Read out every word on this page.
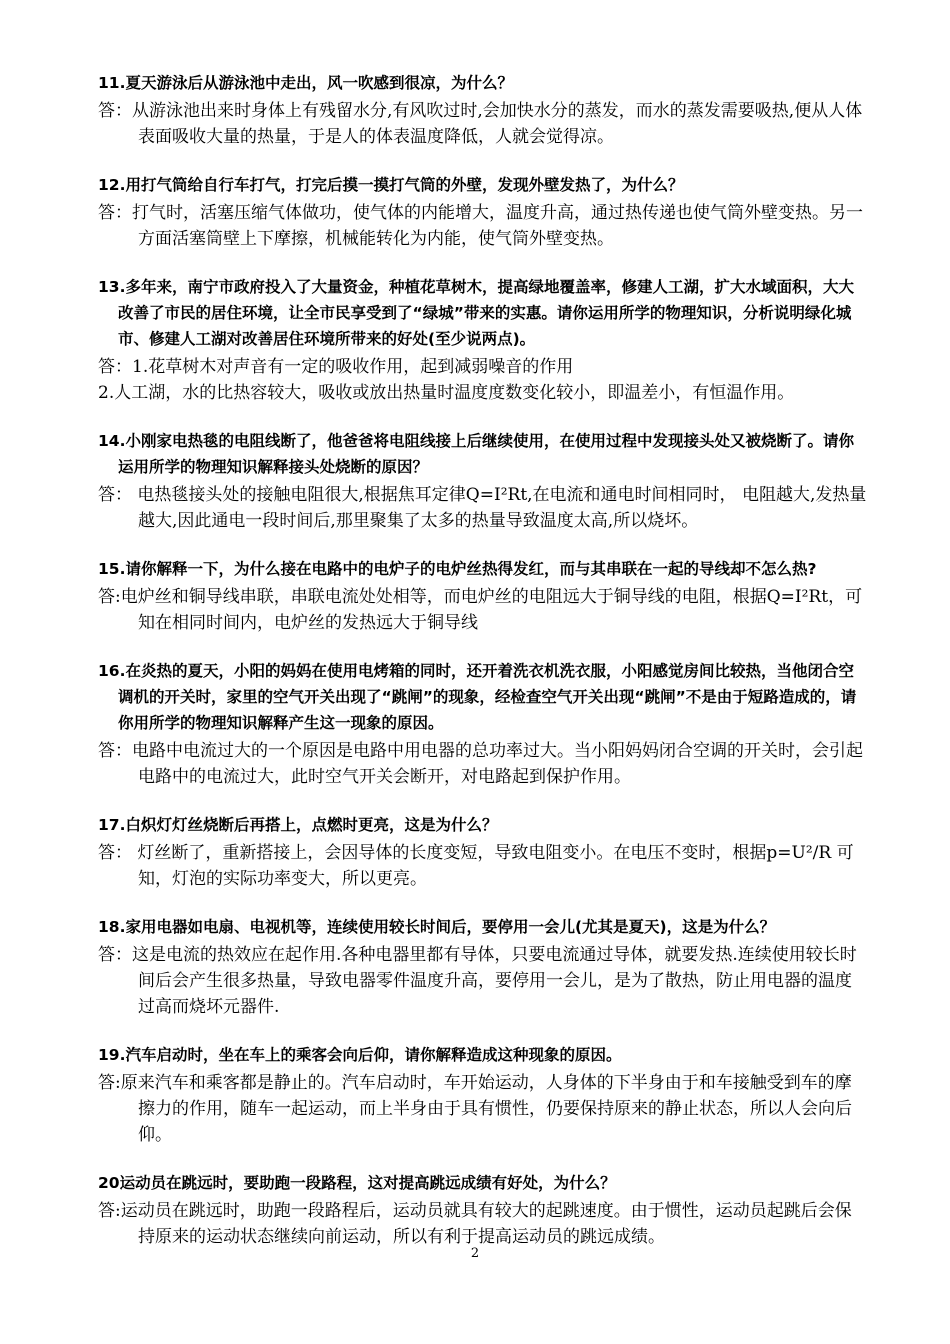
11.夏天游泳后从游泳池中走出，风一吹感到很凉，为什么？

答：从游泳池出来时身体上有残留水分,有风吹过时,会加快水分的蒸发，而水的蒸发需要吸热,便从人体表面吸收大量的热量，于是人的体表温度降低，人就会觉得凉。

12.用打气筒给自行车打气，打完后摸一摸打气筒的外壁，发现外壁发热了，为什么？

答：打气时，活塞压缩气体做功，使气体的内能增大，温度升高，通过热传递也使气筒外壁变热。另一方面活塞筒壁上下摩擦，机械能转化为内能，使气筒外壁变热。

13.多年来，南宁市政府投入了大量资金，种植花草树木，提高绿地覆盖率，修建人工湖，扩大水域面积，大大改善了市民的居住环境，让全市民享受到了“绿城”带来的实惠。请你运用所学的物理知识，分析说明绿化城市、修建人工湖对改善居住环境所带来的好处(至少说两点)。

答：1.花草树木对声音有一定的吸收作用，起到减弱噪音的作用

2.人工湖，水的比热容较大，吸收或放出热量时温度度数变化较小，即温差小，有恒温作用。

14.小刚家电热毯的电阻线断了，他爸爸将电阻线接上后继续使用，在使用过程中发现接头处又被烧断了。请你运用所学的物理知识解释接头处烧断的原因？

答： 电热毯接头处的接触电阻很大,根据焦耳定律Q=I²Rt,在电流和通电时间相同时， 电阻越大,发热量越大,因此通电一段时间后,那里聚集了太多的热量导致温度太高,所以烧坏。

15.请你解释一下，为什么接在电路中的电炉子的电炉丝热得发红，而与其串联在一起的导线却不怎么热?

答:电炉丝和铜导线串联，串联电流处处相等，而电炉丝的电阻远大于铜导线的电阻，根据Q=I²Rt，可知在相同时间内，电炉丝的发热远大于铜导线

16.在炎热的夏天，小阳的妈妈在使用电烤箱的同时，还开着洗衣机洗衣服，小阳感觉房间比较热，当他闭合空调机的开关时，家里的空气开关出现了“跳闸”的现象，经检查空气开关出现“跳闸”不是由于短路造成的，请你用所学的物理知识解释产生这一现象的原因。

答：电路中电流过大的一个原因是电路中用电器的总功率过大。当小阳妈妈闭合空调的开关时，会引起电路中的电流过大，此时空气开关会断开，对电路起到保护作用。

17.白炽灯灯丝烧断后再搭上，点燃时更亮，这是为什么？

答： 灯丝断了，重新搭接上，会因导体的长度变短，导致电阻变小。在电压不变时，根据p=U²/R 可知，灯泡的实际功率变大，所以更亮。

18.家用电器如电扇、电视机等，连续使用较长时间后，要停用一会儿(尤其是夏天)，这是为什么？

答：这是电流的热效应在起作用.各种电器里都有导体，只要电流通过导体，就要发热.连续使用较长时间后会产生很多热量，导致电器零件温度升高，要停用一会儿，是为了散热，防止用电器的温度过高而烧坏元器件.

19.汽车启动时，坐在车上的乘客会向后仰，请你解释造成这种现象的原因。

答:原来汽车和乘客都是静止的。汽车启动时，车开始运动，人身体的下半身由于和车接触受到车的摩擦力的作用，随车一起运动，而上半身由于具有惯性，仍要保持原来的静止状态，所以人会向后仰。

20运动员在跳远时，要助跑一段路程，这对提高跳远成绩有好处，为什么？

答:运动员在跳远时，助跑一段路程后，运动员就具有较大的起跳速度。由于惯性，运动员起跳后会保持原来的运动状态继续向前运动，所以有利于提高运动员的跳远成绩。

2
